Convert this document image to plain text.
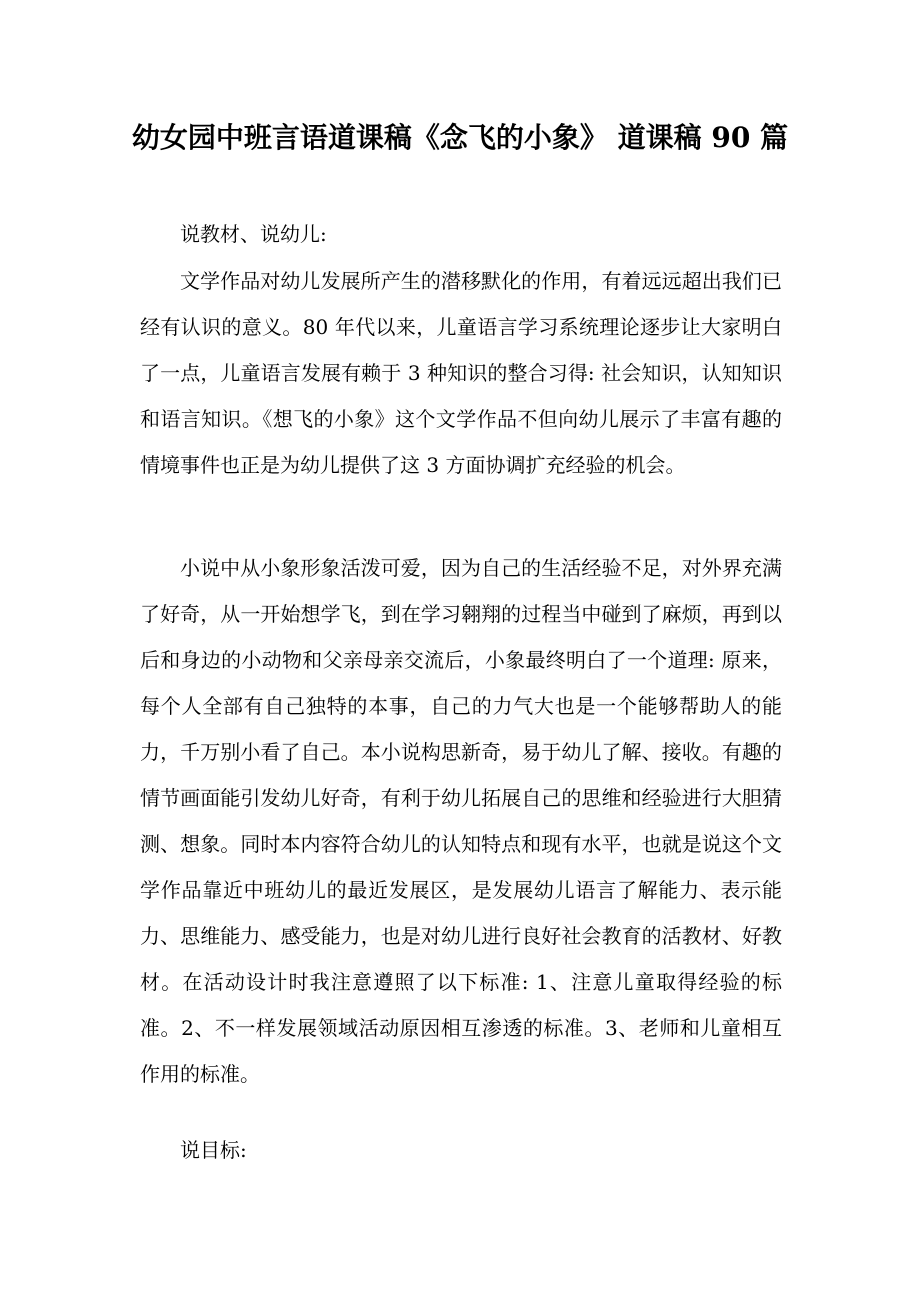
幼女园中班言语道课稿《念飞的小象》 道课稿 90 篇

说教材、说幼儿:

文学作品对幼儿发展所产生的潜移默化的作用，有着远远超出我们已经有认识的意义。80 年代以来，儿童语言学习系统理论逐步让大家明白了一点，儿童语言发展有赖于 3 种知识的整合习得: 社会知识，认知知识和语言知识。《想飞的小象》这个文学作品不但向幼儿展示了丰富有趣的情境事件也正是为幼儿提供了这 3 方面协调扩充经验的机会。

小说中从小象形象活泼可爱，因为自己的生活经验不足，对外界充满了好奇，从一开始想学飞，到在学习翱翔的过程当中碰到了麻烦，再到以后和身边的小动物和父亲母亲交流后，小象最终明白了一个道理: 原来，每个人全部有自己独特的本事，自己的力气大也是一个能够帮助人的能力，千万别小看了自己。本小说构思新奇，易于幼儿了解、接收。有趣的情节画面能引发幼儿好奇，有利于幼儿拓展自己的思维和经验进行大胆猜测、想象。同时本内容符合幼儿的认知特点和现有水平，也就是说这个文学作品靠近中班幼儿的最近发展区，是发展幼儿语言了解能力、表示能力、思维能力、感受能力，也是对幼儿进行良好社会教育的活教材、好教材。在活动设计时我注意遵照了以下标准: 1、注意儿童取得经验的标准。2、不一样发展领域活动原因相互渗透的标准。3、老师和儿童相互作用的标准。

说目标:
